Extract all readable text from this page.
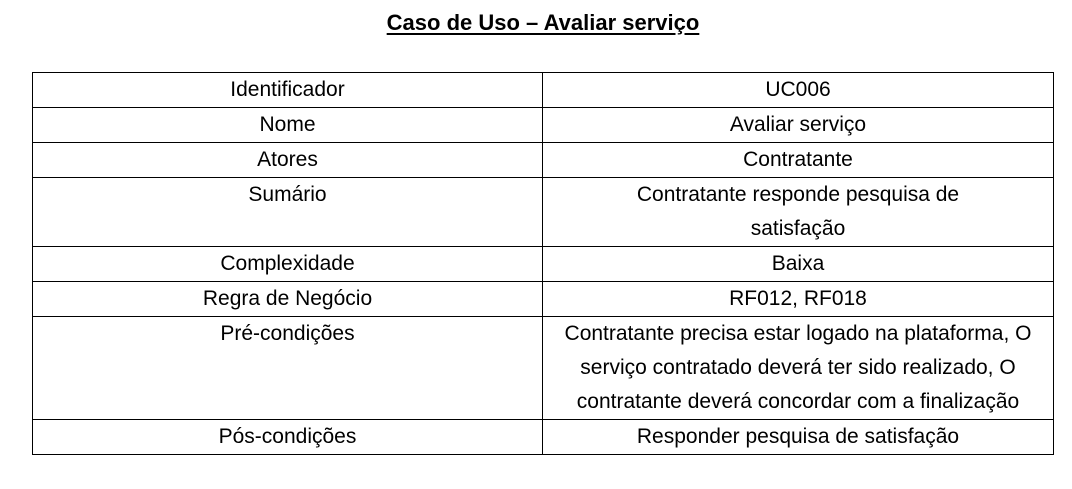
Caso de Uso – Avaliar serviço
Identificador	UC006
Nome	Avaliar serviço
Atores	Contratante
Sumário	Contratante responde pesquisa de satisfação

Complexidade	Baixa
Regra de Negócio	RF012, RF018
Pré-condições	Contratante precisa estar logado na plataforma, O serviço contratado deverá ter sido realizado, O contratante deverá concordar com a finalização

Pós-condições	Responder pesquisa de satisfação
